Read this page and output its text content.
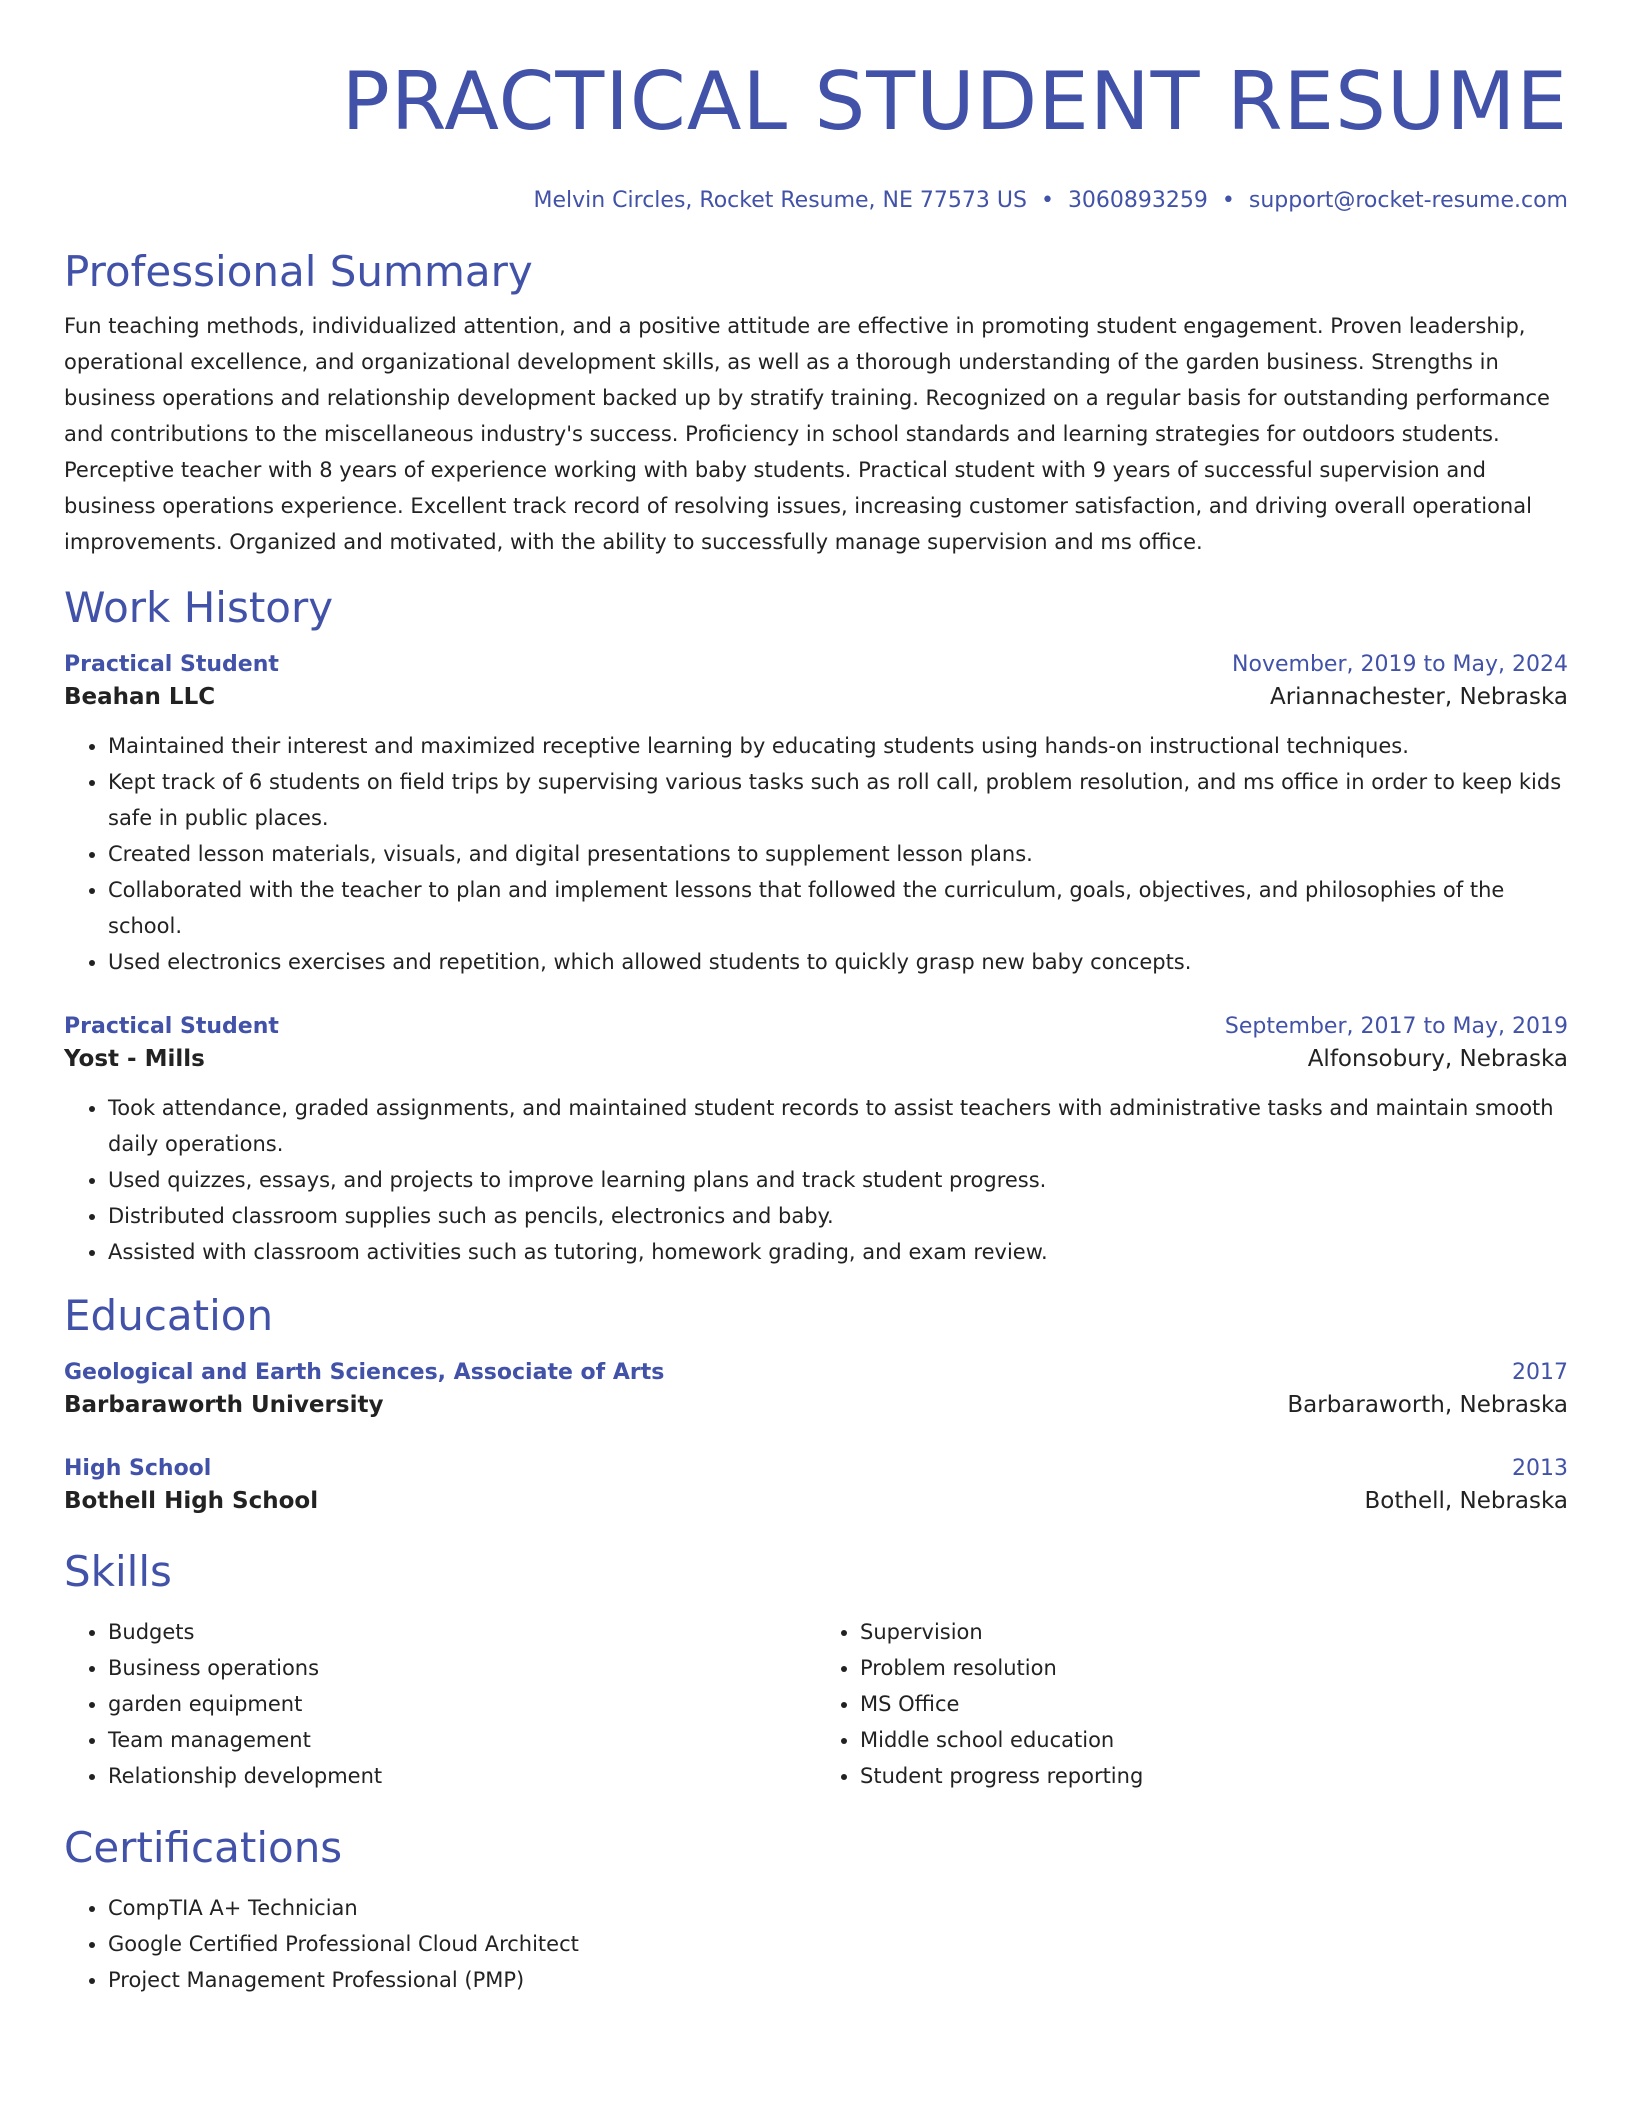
PRACTICAL STUDENT RESUME
Melvin Circles, Rocket Resume, NE 77573 US • 3060893259 • support@rocket-resume.com
Professional Summary
Fun teaching methods, individualized attention, and a positive attitude are effective in promoting student engagement. Proven leadership, operational excellence, and organizational development skills, as well as a thorough understanding of the garden business. Strengths in business operations and relationship development backed up by stratify training. Recognized on a regular basis for outstanding performance and contributions to the miscellaneous industry's success. Proficiency in school standards and learning strategies for outdoors students. Perceptive teacher with 8 years of experience working with baby students. Practical student with 9 years of successful supervision and business operations experience. Excellent track record of resolving issues, increasing customer satisfaction, and driving overall operational improvements. Organized and motivated, with the ability to successfully manage supervision and ms office.
Work History
Practical Student	November, 2019 to May, 2024
Beahan LLC	Ariannachester, Nebraska
• Maintained their interest and maximized receptive learning by educating students using hands-on instructional techniques.
• Kept track of 6 students on field trips by supervising various tasks such as roll call, problem resolution, and ms office in order to keep kids safe in public places.
• Created lesson materials, visuals, and digital presentations to supplement lesson plans.
• Collaborated with the teacher to plan and implement lessons that followed the curriculum, goals, objectives, and philosophies of the school.
• Used electronics exercises and repetition, which allowed students to quickly grasp new baby concepts.
Practical Student	September, 2017 to May, 2019
Yost - Mills	Alfonsobury, Nebraska
• Took attendance, graded assignments, and maintained student records to assist teachers with administrative tasks and maintain smooth daily operations.
• Used quizzes, essays, and projects to improve learning plans and track student progress.
• Distributed classroom supplies such as pencils, electronics and baby.
• Assisted with classroom activities such as tutoring, homework grading, and exam review.
Education
Geological and Earth Sciences, Associate of Arts	2017
Barbaraworth University	Barbaraworth, Nebraska
High School	2013
Bothell High School	Bothell, Nebraska
Skills
• Budgets
• Business operations
• garden equipment
• Team management
• Relationship development
• Supervision
• Problem resolution
• MS Office
• Middle school education
• Student progress reporting
Certifications
• CompTIA A+ Technician
• Google Certified Professional Cloud Architect
• Project Management Professional (PMP)
